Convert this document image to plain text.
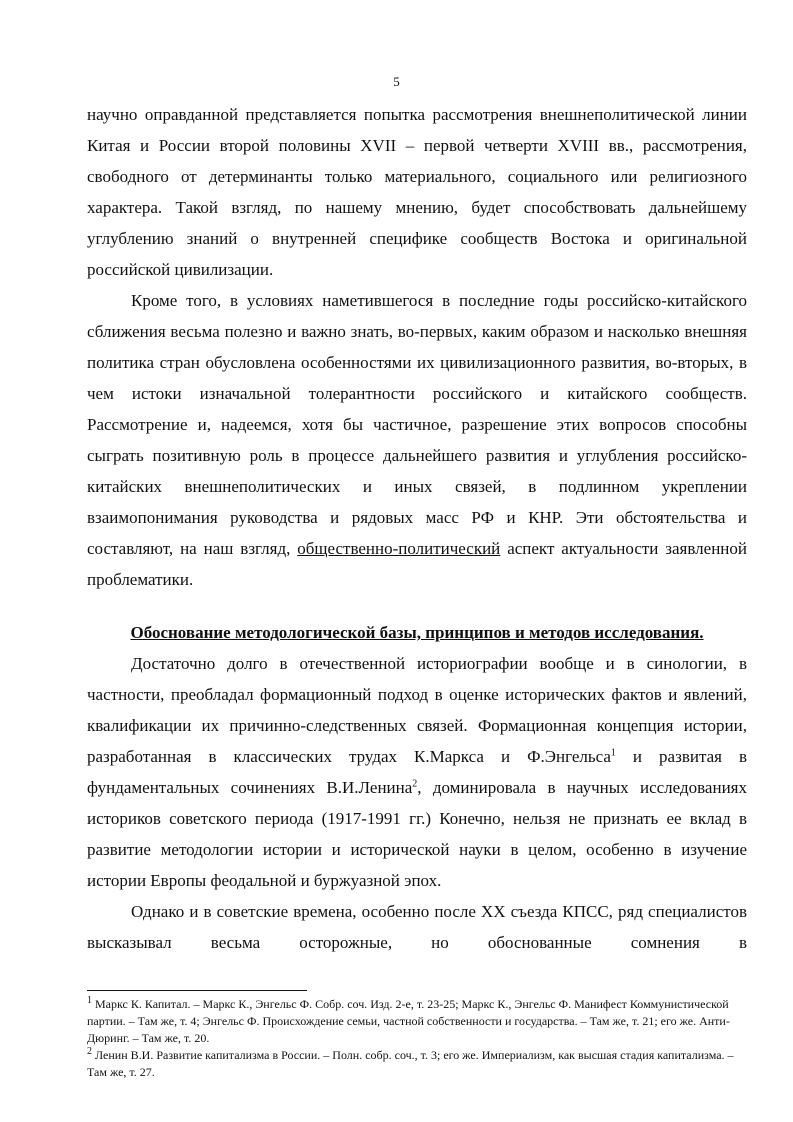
5

научно оправданной представляется попытка рассмотрения внешнеполитической линии Китая и России второй половины XVII – первой четверти XVIII вв., рассмотрения, свободного от детерминанты только материального, социального или религиозного характера. Такой взгляд, по нашему мнению, будет способствовать дальнейшему углублению знаний о внутренней специфике сообществ Востока и оригинальной российской цивилизации.

Кроме того, в условиях наметившегося в последние годы российско-китайского сближения весьма полезно и важно знать, во-первых, каким образом и насколько внешняя политика стран обусловлена особенностями их цивилизационного развития, во-вторых, в чем истоки изначальной толерантности российского и китайского сообществ. Рассмотрение и, надеемся, хотя бы частичное, разрешение этих вопросов способны сыграть позитивную роль в процессе дальнейшего развития и углубления российско-китайских внешнеполитических и иных связей, в подлинном укреплении взаимопонимания руководства и рядовых масс РФ и КНР. Эти обстоятельства и составляют, на наш взгляд, общественно-политический аспект актуальности заявленной проблематики.

Обоснование методологической базы, принципов и методов исследования.

Достаточно долго в отечественной историографии вообще и в синологии, в частности, преобладал формационный подход в оценке исторических фактов и явлений, квалификации их причинно-следственных связей. Формационная концепция истории, разработанная в классических трудах К.Маркса и Ф.Энгельса$^1$ и развитая в фундаментальных сочинениях В.И.Ленина$^2$, доминировала в научных исследованиях историков советского периода (1917-1991 гг.) Конечно, нельзя не признать ее вклад в развитие методологии истории и исторической науки в целом, особенно в изучение истории Европы феодальной и буржуазной эпох.

Однако и в советские времена, особенно после XX съезда КПСС, ряд специалистов высказывал весьма осторожные, но обоснованные сомнения в

$^1$ Маркс К. Капитал. – Маркс К., Энгельс Ф. Собр. соч. Изд. 2-е, т. 23-25; Маркс К., Энгельс Ф. Манифест Коммунистической партии. – Там же, т. 4; Энгельс Ф. Происхождение семьи, частной собственности и государства. – Там же, т. 21; его же. Анти-Дюринг. – Там же, т. 20.

$^2$ Ленин В.И. Развитие капитализма в России. – Полн. собр. соч., т. 3; его же. Империализм, как высшая стадия капитализма. – Там же, т. 27.
